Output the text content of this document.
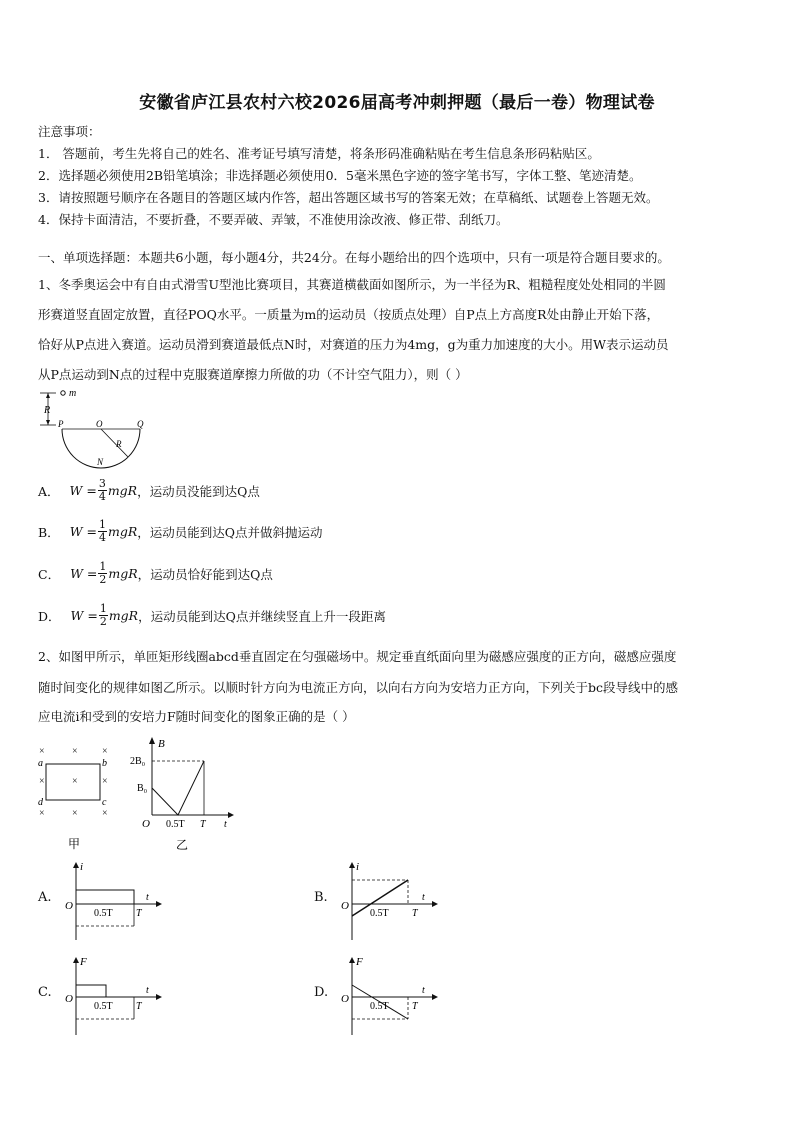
安徽省庐江县农村六校2026届高考冲刺押题（最后一卷）物理试卷
注意事项：
1． 答题前，考生先将自己的姓名、准考证号填写清楚，将条形码准确粘贴在考生信息条形码粘贴区。
2．选择题必须使用2B铅笔填涂；非选择题必须使用0．5毫米黑色字迹的签字笔书写，字体工整、笔迹清楚。
3．请按照题号顺序在各题目的答题区域内作答，超出答题区域书写的答案无效；在草稿纸、试题卷上答题无效。
4．保持卡面清洁，不要折叠，不要弄破、弄皱，不准使用涂改液、修正带、刮纸刀。
一、单项选择题：本题共6小题，每小题4分，共24分。在每小题给出的四个选项中，只有一项是符合题目要求的。
1、冬季奥运会中有自由式滑雪U型池比赛项目，其赛道横截面如图所示，为一半径为R、粗糙程度处处相同的半圆
形赛道竖直固定放置，直径POQ水平。一质量为m的运动员（按质点处理）自P点上方高度R处由静止开始下落，
恰好从P点进入赛道。运动员滑到赛道最低点N时，对赛道的压力为4mg，g为重力加速度的大小。用W表示运动员
从P点运动到N点的过程中克服赛道摩擦力所做的功（不计空气阻力），则（ ）
m
R
P	O	Q
R
N
A． $W = \frac{3}{4}$ mgR ，运动员没能到达Q点
B． $W = \frac{1}{4}$ mgR ，运动员能到达Q点并做斜抛运动
C． $W = \frac{1}{2}$ mgR ，运动员恰好能到达Q点
D． $W = \frac{1}{2}$ mgR ，运动员能到达Q点并继续竖直上升一段距离
2、如图甲所示，单匝矩形线圈abcd垂直固定在匀强磁场中。规定垂直纸面向里为磁感应强度的正方向，磁感应强度
随时间变化的规律如图乙所示。以顺时针方向为电流正方向，以向右方向为安培力正方向，下列关于bc段导线中的感
应电流i和受到的安培力F随时间变化的图象正确的是（ ）
×	× ×
×	× ×
×	× ×
a	b
c
d
甲
B
2B₀
B₀
O 0.5T T t
乙
A.
i
O
0.5T T
t	B.
i
O
0.5T T
t
C.
F
O
0.5T T
t	D.
F
O
0.5T T
t
